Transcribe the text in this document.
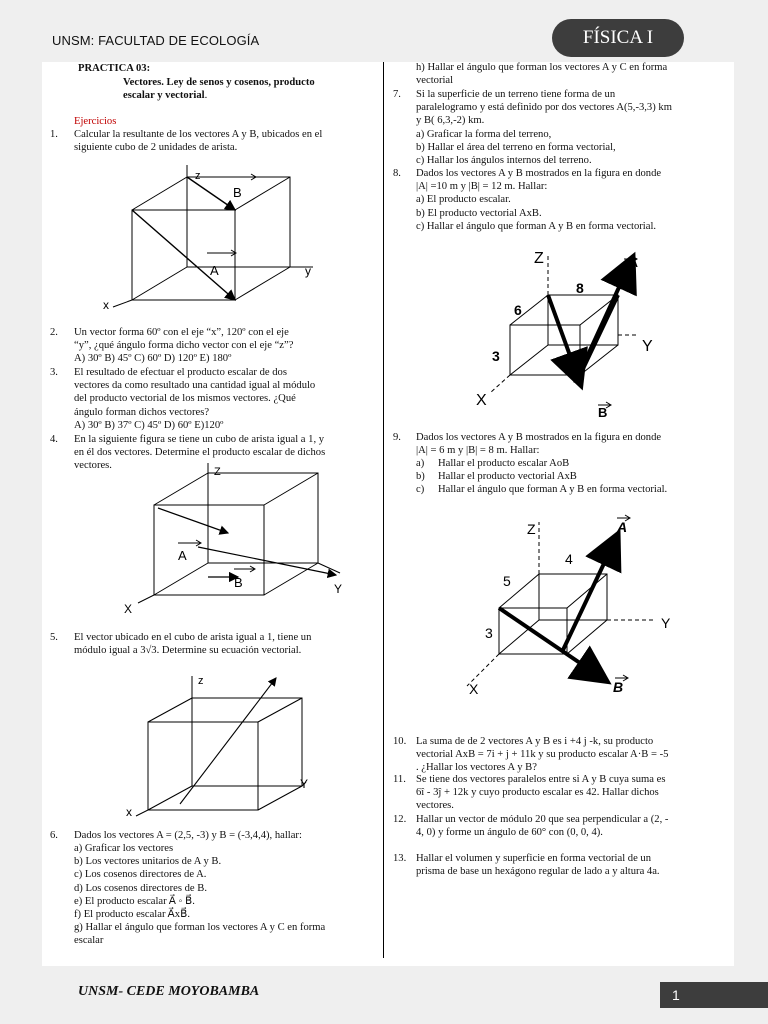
UNSM: FACULTAD DE ECOLOGÍA	FÍSICA I
UNSM- CEDE MOYOBAMBA	1
PRACTICA 03:

Vectores. Ley de senos y cosenos, producto

escalar y vectorial.

Ejercicios
1. Calcular la resultante de los vectores A y B, ubicados en el

siguiente cubo de 2 unidades de arista.

z
y
x
A
B
2. Un vector forma 60º con el eje “x”, 120º con el eje

“y”, ¿qué ángulo forma dicho vector con el eje “z”?

A) 30º B) 45º C) 60º D) 120º E) 180º

3. El resultado de efectuar el producto escalar de dos

vectores da como resultado una cantidad igual al módulo

del producto vectorial de los mismos vectores. ¿Qué

ángulo forman dichos vectores?

A) 30º B) 37º C) 45º D) 60º E)120º

4. En la siguiente figura se tiene un cubo de arista igual a 1, y

en él dos vectores. Determine el producto escalar de dichos

vectores.

Z
Y
X
A
B
5. El vector ubicado en el cubo de arista igual a 1, tiene un

módulo igual a 3√3. Determine su ecuación vectorial.

z
Y
x
6. Dados los vectores A = (2,5, -3) y B = (-3,4,4), hallar:

a) Graficar los vectores

b) Los vectores unitarios de A y B.

c) Los cosenos directores de A.

d) Los cosenos directores de B.

e) El producto escalar A⃗ ◦ B⃗.

f) El producto escalar A⃗xB⃗.

g) Hallar el ángulo que forman los vectores A y C en forma

escalar

h) Hallar el ángulo que forman los vectores A y C en forma

vectorial

7. Si la superficie de un terreno tiene forma de un

paralelogramo y está definido por dos vectores A(5,-3,3) km

y B( 6,3,-2) km.

a) Graficar la forma del terreno,

b) Hallar el área del terreno en forma vectorial,

c) Hallar los ángulos internos del terreno.

8. Dados los vectores A y B mostrados en la figura en donde

|A| =10 m y |B| = 12 m. Hallar:

a) El producto escalar.

b) El producto vectorial AxB.

c) Hallar el ángulo que forman A y B en forma vectorial.

Z
Y
X
A
B
8
6
3
9. Dados los vectores A y B mostrados en la figura en donde

|A| = 6 m y |B| = 8 m. Hallar:

a)

b)

c)

Hallar el producto escalar AoB

Hallar el producto vectorial AxB

Hallar el ángulo que forman A y B en forma vectorial.

Z
Y
X
A
B
4
5
3
10. La suma de de 2 vectores A y B es i +4 j -k, su producto

vectorial AxB = 7i + j + 11k y su producto escalar A·B = -5

. ¿Hallar los vectores A y B?

11. Se tiene dos vectores paralelos entre si A y B cuya suma es

6î - 3ĵ + 12k y cuyo producto escalar es 42. Hallar dichos

vectores.

12. Hallar un vector de módulo 20 que sea perpendicular a (2, -

4, 0) y forme un ángulo de 60° con (0, 0, 4).

13. Hallar el volumen y superficie en forma vectorial de un

prisma de base un hexágono regular de lado a y altura 4a.
